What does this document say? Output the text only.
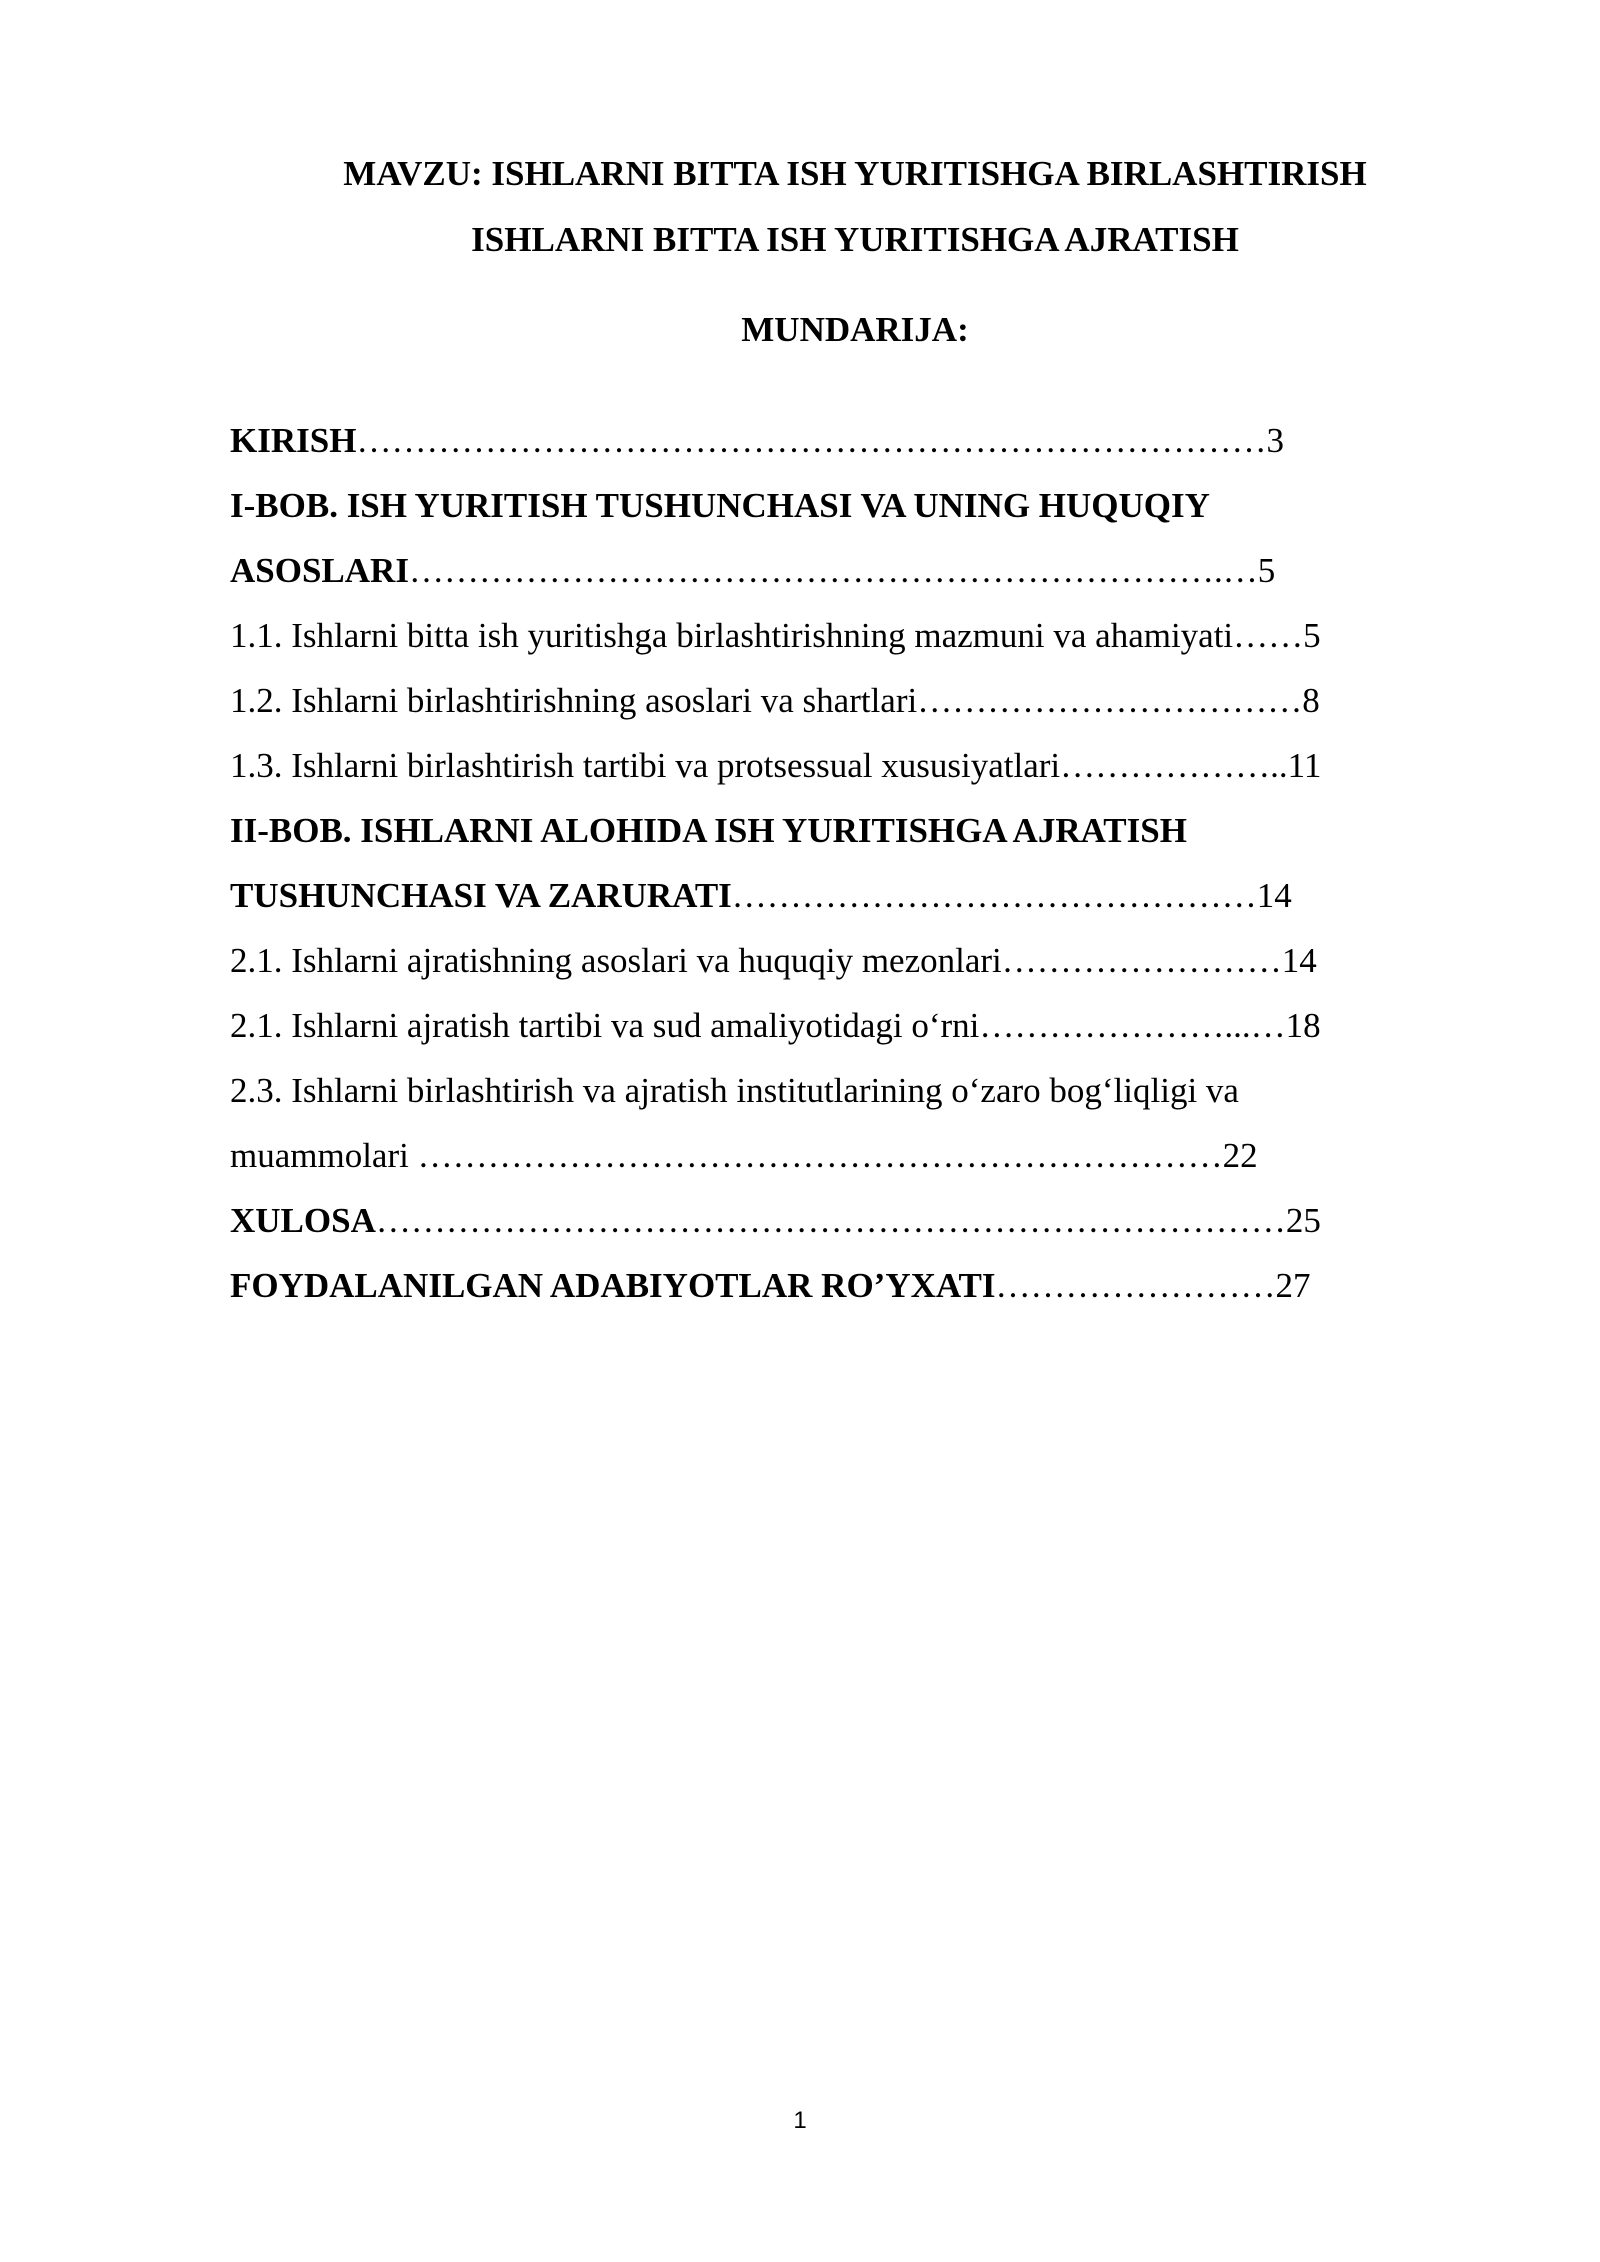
MAVZU: ISHLARNI BITTA ISH YURITISHGA BIRLASHTIRISH
ISHLARNI BITTA ISH YURITISHGA AJRATISH
MUNDARIJA:
KIRISH……………………………………………………………………3
I-BOB. ISH YURITISH TUSHUNCHASI VA UNING HUQUQIY
ASOSLARI…………………………………………………………….…5
1.1. Ishlarni bitta ish yuritishga birlashtirishning mazmuni va ahamiyati……5
1.2. Ishlarni birlashtirishning asoslari va shartlari……………………………8
1.3. Ishlarni birlashtirish tartibi va protsessual xususiyatlari………………..11
II-BOB. ISHLARNI ALOHIDA ISH YURITISHGA AJRATISH
TUSHUNCHASI VA ZARURATI………………………………………14
2.1. Ishlarni ajratishning asoslari va huquqiy mezonlari……………………14
2.1. Ishlarni ajratish tartibi va sud amaliyotidagi o‘rni…………………...…18
2.3. Ishlarni birlashtirish va ajratish institutlarining o‘zaro bog‘liqligi va
muammolari ……………………………………………………………22
XULOSA……………………………………………………………………25
FOYDALANILGAN ADABIYOTLAR RO’YXATI……………………27
1
